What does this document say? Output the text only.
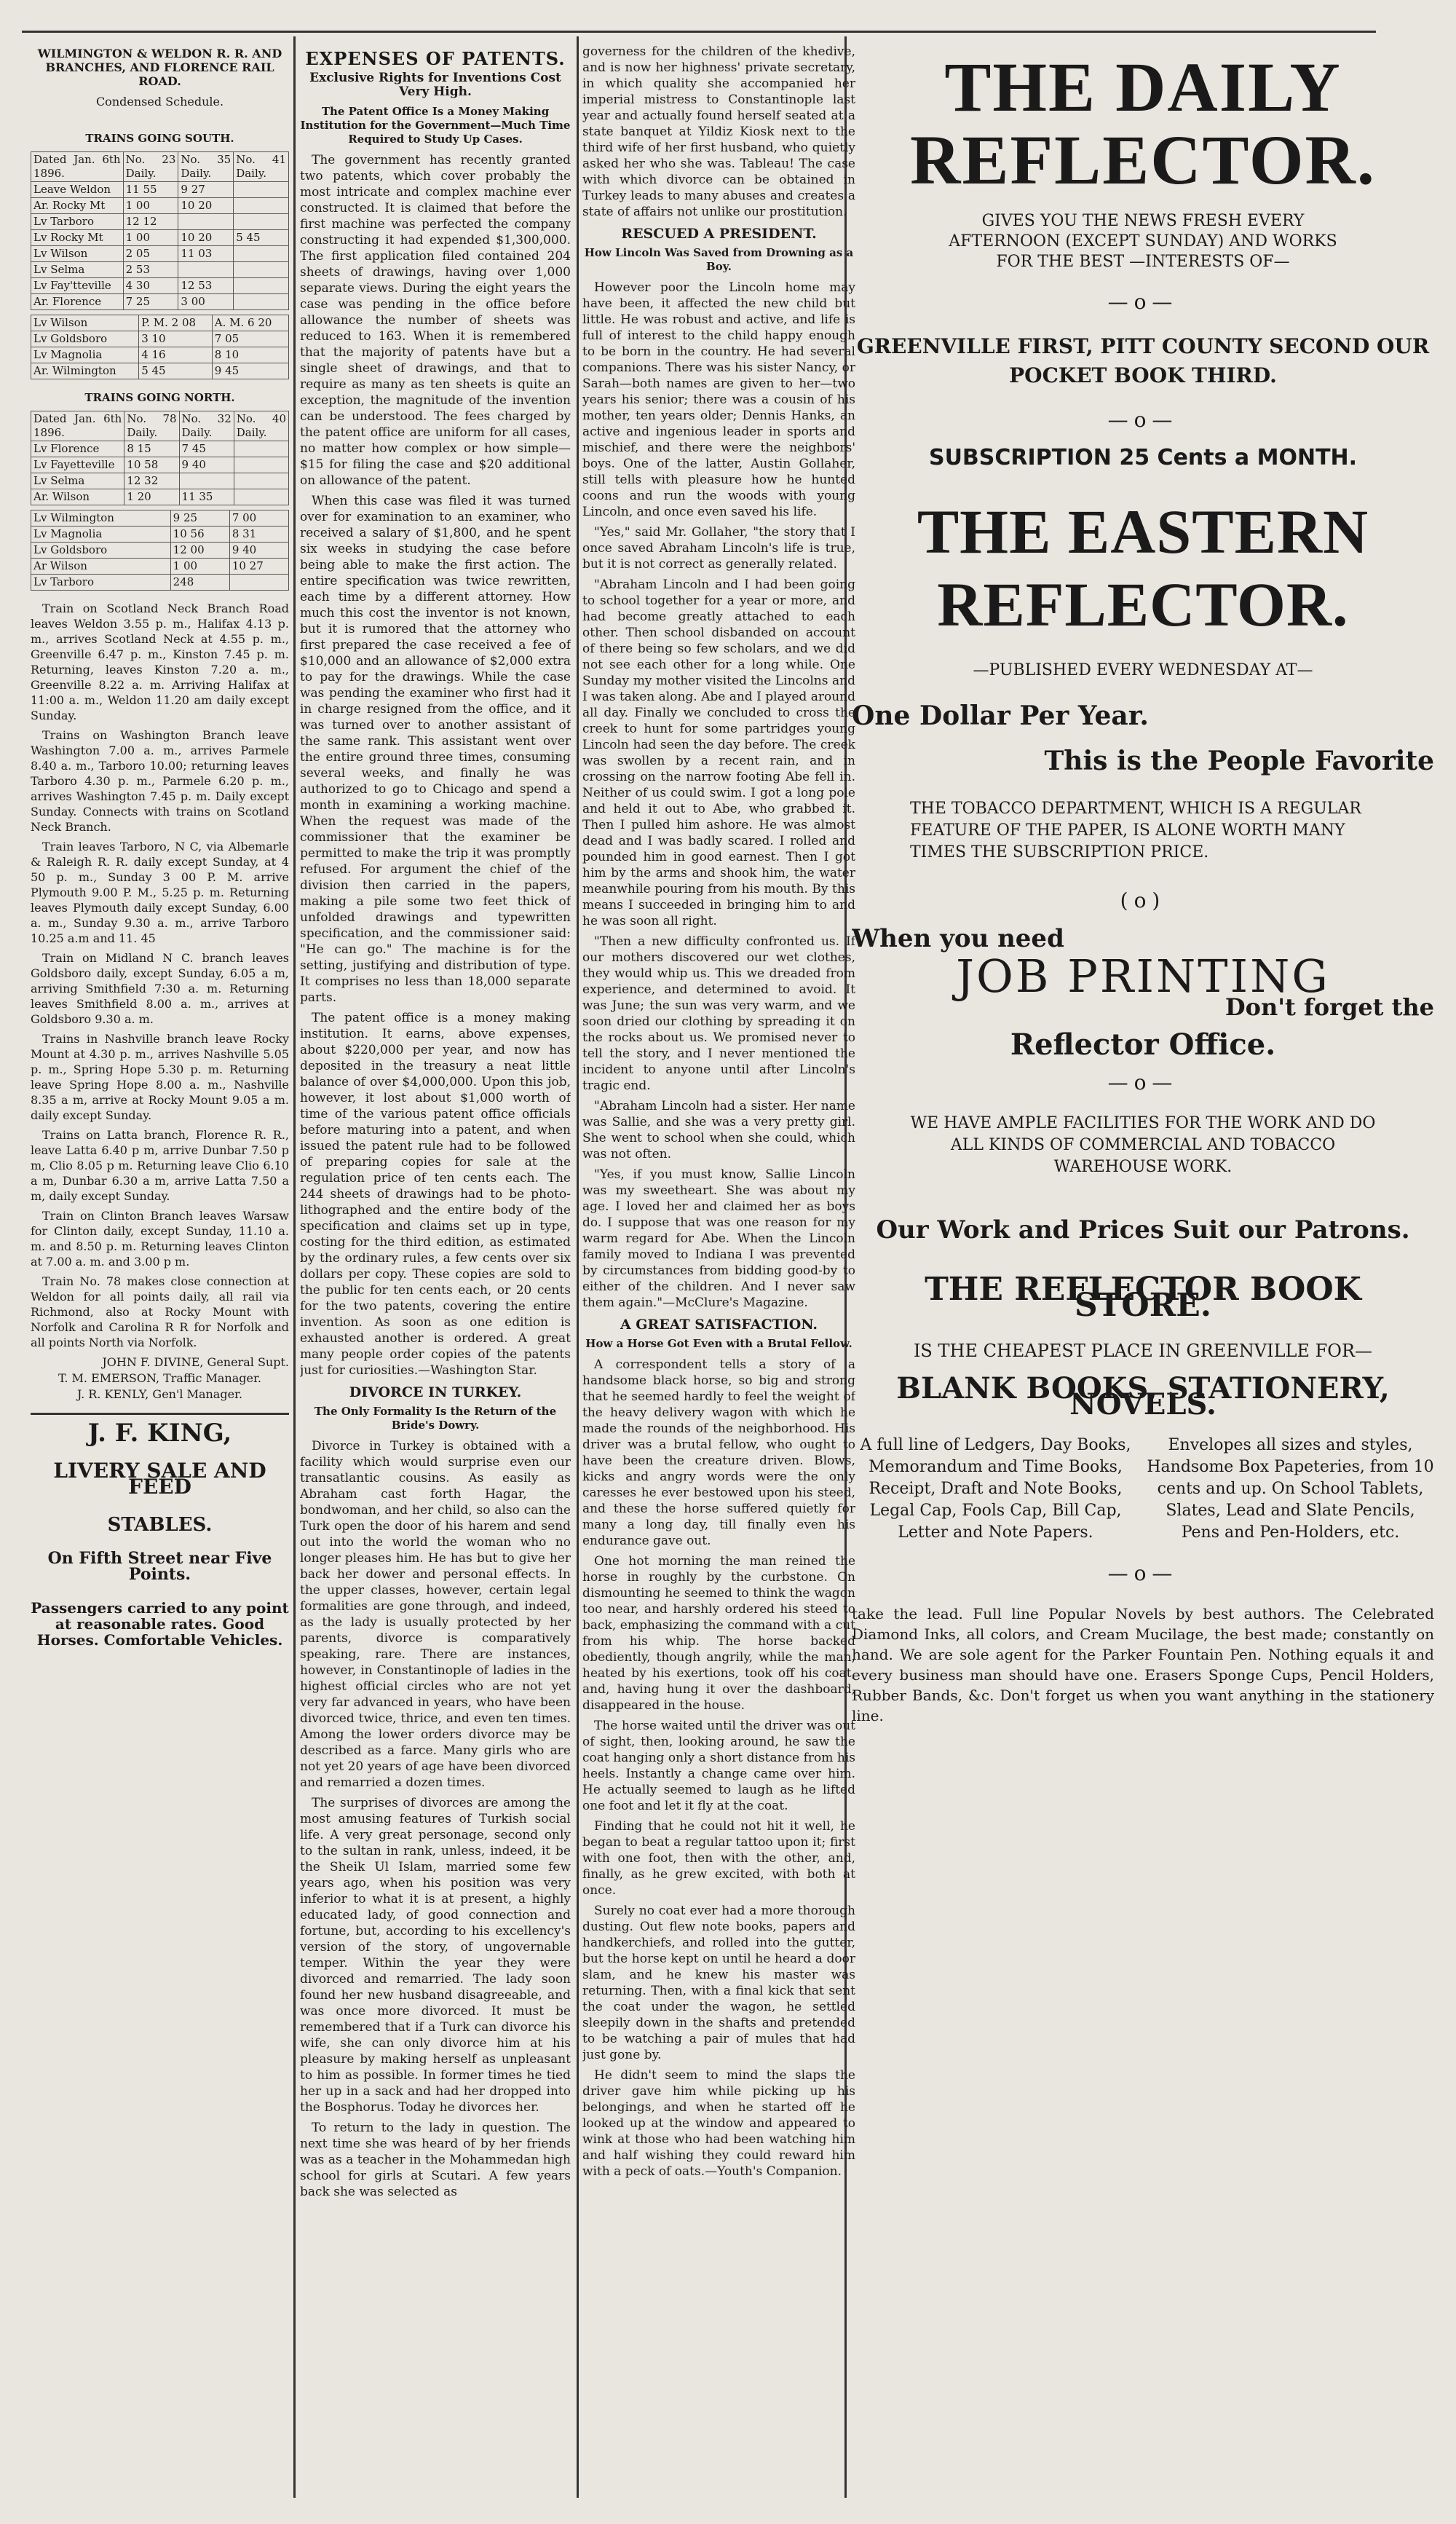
WILMINGTON & WELDON R. R. AND BRANCHES, AND FLORENCE RAIL ROAD.
Condensed Schedule.
TRAINS GOING SOUTH.
Dated Jan. 6th 1896.	No. 23 Daily.	No. 35 Daily.	No. 41 Daily.
Leave Weldon	11 55	9 27	
Ar. Rocky Mt	1 00	10 20	
Lv Tarboro	12 12		
Lv Rocky Mt	1 00	10 20	5 45
Lv Wilson	2 05	11 03	
Lv Selma	2 53		
Lv Fay'tteville	4 30	12 53	
Ar. Florence	7 25	3 00	
Lv Wilson	P. M. 2 08	A. M. 6 20
Lv Goldsboro	3 10	7 05
Lv Magnolia	4 16	8 10
Ar. Wilmington	5 45	9 45
TRAINS GOING NORTH.
Dated Jan. 6th 1896.	No. 78 Daily.	No. 32 Daily.	No. 40 Daily.
Lv Florence	8 15	7 45	
Lv Fayetteville	10 58	9 40	
Lv Selma	12 32		
Ar. Wilson	1 20	11 35	
Lv Wilmington	9 25	7 00
Lv Magnolia	10 56	8 31
Lv Goldsboro	12 00	9 40
Ar Wilson	1 00	10 27
Lv Tarboro	248	

Train on Scotland Neck Branch Road leaves Weldon 3.55 p. m., Halifax 4.13 p. m., arrives Scotland Neck at 4.55 p. m., Greenville 6.47 p. m., Kinston 7.45 p. m. Returning, leaves Kinston 7.20 a. m., Greenville 8.22 a. m. Arriving Halifax at 11:00 a. m., Weldon 11.20 am daily except Sunday.

Trains on Washington Branch leave Washington 7.00 a. m., arrives Parmele 8.40 a. m., Tarboro 10.00; returning leaves Tarboro 4.30 p. m., Parmele 6.20 p. m., arrives Washington 7.45 p. m. Daily except Sunday. Connects with trains on Scotland Neck Branch.

Train leaves Tarboro, N C, via Albemarle & Raleigh R. R. daily except Sunday, at 4 50 p. m., Sunday 3 00 P. M. arrive Plymouth 9.00 P. M., 5.25 p. m. Returning leaves Plymouth daily except Sunday, 6.00 a. m., Sunday 9.30 a. m., arrive Tarboro 10.25 a.m and 11. 45

Train on Midland N C. branch leaves Goldsboro daily, except Sunday, 6.05 a m, arriving Smithfield 7:30 a. m. Returning leaves Smithfield 8.00 a. m., arrives at Goldsboro 9.30 a. m.

Trains in Nashville branch leave Rocky Mount at 4.30 p. m., arrives Nashville 5.05 p. m., Spring Hope 5.30 p. m. Returning leave Spring Hope 8.00 a. m., Nashville 8.35 a m, arrive at Rocky Mount 9.05 a m. daily except Sunday.

Trains on Latta branch, Florence R. R., leave Latta 6.40 p m, arrive Dunbar 7.50 p m, Clio 8.05 p m. Returning leave Clio 6.10 a m, Dunbar 6.30 a m, arrive Latta 7.50 a m, daily except Sunday.

Train on Clinton Branch leaves Warsaw for Clinton daily, except Sunday, 11.10 a. m. and 8.50 p. m. Returning leaves Clinton at 7.00 a. m. and 3.00 p m.

Train No. 78 makes close connection at Weldon for all points daily, all rail via Richmond, also at Rocky Mount with Norfolk and Carolina R R for Norfolk and all points North via Norfolk.

JOHN F. DIVINE, General Supt.
T. M. EMERSON, Traffic Manager.
J. R. KENLY, Gen'l Manager.
J. F. KING,
LIVERY SALE AND FEED
STABLES.
On Fifth Street near Five Points.
Passengers carried to any point at reasonable rates. Good Horses. Comfortable Vehicles.
EXPENSES OF PATENTS.
Exclusive Rights for Inventions Cost Very High.
The Patent Office Is a Money Making Institution for the Government—Much Time Required to Study Up Cases.

The government has recently granted two patents, which cover probably the most intricate and complex machine ever constructed. It is claimed that before the first machine was perfected the company constructing it had expended $1,300,000. The first application filed contained 204 sheets of drawings, having over 1,000 separate views. During the eight years the case was pending in the office before allowance the number of sheets was reduced to 163. When it is remembered that the majority of patents have but a single sheet of drawings, and that to require as many as ten sheets is quite an exception, the magnitude of the invention can be understood. The fees charged by the patent office are uniform for all cases, no matter how complex or how simple—$15 for filing the case and $20 additional on allowance of the patent.

When this case was filed it was turned over for examination to an examiner, who received a salary of $1,800, and he spent six weeks in studying the case before being able to make the first action. The entire specification was twice rewritten, each time by a different attorney. How much this cost the inventor is not known, but it is rumored that the attorney who first prepared the case received a fee of $10,000 and an allowance of $2,000 extra to pay for the drawings. While the case was pending the examiner who first had it in charge resigned from the office, and it was turned over to another assistant of the same rank. This assistant went over the entire ground three times, consuming several weeks, and finally he was authorized to go to Chicago and spend a month in examining a working machine. When the request was made of the commissioner that the examiner be permitted to make the trip it was promptly refused. For argument the chief of the division then carried in the papers, making a pile some two feet thick of unfolded drawings and typewritten specification, and the commissioner said: "He can go." The machine is for the setting, justifying and distribution of type. It comprises no less than 18,000 separate parts.

The patent office is a money making institution. It earns, above expenses, about $220,000 per year, and now has deposited in the treasury a neat little balance of over $4,000,000. Upon this job, however, it lost about $1,000 worth of time of the various patent office officials before maturing into a patent, and when issued the patent rule had to be followed of preparing copies for sale at the regulation price of ten cents each. The 244 sheets of drawings had to be photo-lithographed and the entire body of the specification and claims set up in type, costing for the third edition, as estimated by the ordinary rules, a few cents over six dollars per copy. These copies are sold to the public for ten cents each, or 20 cents for the two patents, covering the entire invention. As soon as one edition is exhausted another is ordered. A great many people order copies of the patents just for curiosities.—Washington Star.

DIVORCE IN TURKEY.
The Only Formality Is the Return of the Bride's Dowry.

Divorce in Turkey is obtained with a facility which would surprise even our transatlantic cousins. As easily as Abraham cast forth Hagar, the bondwoman, and her child, so also can the Turk open the door of his harem and send out into the world the woman who no longer pleases him. He has but to give her back her dower and personal effects. In the upper classes, however, certain legal formalities are gone through, and indeed, as the lady is usually protected by her parents, divorce is comparatively speaking, rare. There are instances, however, in Constantinople of ladies in the highest official circles who are not yet very far advanced in years, who have been divorced twice, thrice, and even ten times. Among the lower orders divorce may be described as a farce. Many girls who are not yet 20 years of age have been divorced and remarried a dozen times.

The surprises of divorces are among the most amusing features of Turkish social life. A very great personage, second only to the sultan in rank, unless, indeed, it be the Sheik Ul Islam, married some few years ago, when his position was very inferior to what it is at present, a highly educated lady, of good connection and fortune, but, according to his excellency's version of the story, of ungovernable temper. Within the year they were divorced and remarried. The lady soon found her new husband disagreeable, and was once more divorced. It must be remembered that if a Turk can divorce his wife, she can only divorce him at his pleasure by making herself as unpleasant to him as possible. In former times he tied her up in a sack and had her dropped into the Bosphorus. Today he divorces her.

To return to the lady in question. The next time she was heard of by her friends was as a teacher in the Mohammedan high school for girls at Scutari. A few years back she was selected as

governess for the children of the khedive, and is now her highness' private secretary, in which quality she accompanied her imperial mistress to Constantinople last year and actually found herself seated at a state banquet at Yildiz Kiosk next to the third wife of her first husband, who quietly asked her who she was. Tableau! The case with which divorce can be obtained in Turkey leads to many abuses and creates a state of affairs not unlike our prostitution.

RESCUED A PRESIDENT.
How Lincoln Was Saved from Drowning as a Boy.

However poor the Lincoln home may have been, it affected the new child but little. He was robust and active, and life is full of interest to the child happy enough to be born in the country. He had several companions. There was his sister Nancy, or Sarah—both names are given to her—two years his senior; there was a cousin of his mother, ten years older; Dennis Hanks, an active and ingenious leader in sports and mischief, and there were the neighbors' boys. One of the latter, Austin Gollaher, still tells with pleasure how he hunted coons and run the woods with young Lincoln, and once even saved his life.

"Yes," said Mr. Gollaher, "the story that I once saved Abraham Lincoln's life is true, but it is not correct as generally related.

"Abraham Lincoln and I had been going to school together for a year or more, and had become greatly attached to each other. Then school disbanded on account of there being so few scholars, and we did not see each other for a long while. One Sunday my mother visited the Lincolns and I was taken along. Abe and I played around all day. Finally we concluded to cross the creek to hunt for some partridges young Lincoln had seen the day before. The creek was swollen by a recent rain, and in crossing on the narrow footing Abe fell in. Neither of us could swim. I got a long pole and held it out to Abe, who grabbed it. Then I pulled him ashore. He was almost dead and I was badly scared. I rolled and pounded him in good earnest. Then I got him by the arms and shook him, the water meanwhile pouring from his mouth. By this means I succeeded in bringing him to and he was soon all right.

"Then a new difficulty confronted us. If our mothers discovered our wet clothes, they would whip us. This we dreaded from experience, and determined to avoid. It was June; the sun was very warm, and we soon dried our clothing by spreading it on the rocks about us. We promised never to tell the story, and I never mentioned the incident to anyone until after Lincoln's tragic end.

"Abraham Lincoln had a sister. Her name was Sallie, and she was a very pretty girl. She went to school when she could, which was not often.

"Yes, if you must know, Sallie Lincoln was my sweetheart. She was about my age. I loved her and claimed her as boys do. I suppose that was one reason for my warm regard for Abe. When the Lincoln family moved to Indiana I was prevented by circumstances from bidding good-by to either of the children. And I never saw them again."—McClure's Magazine.

A GREAT SATISFACTION.
How a Horse Got Even with a Brutal Fellow.

A correspondent tells a story of a handsome black horse, so big and strong that he seemed hardly to feel the weight of the heavy delivery wagon with which he made the rounds of the neighborhood. His driver was a brutal fellow, who ought to have been the creature driven. Blows, kicks and angry words were the only caresses he ever bestowed upon his steed, and these the horse suffered quietly for many a long day, till finally even his endurance gave out.

One hot morning the man reined the horse in roughly by the curbstone. On dismounting he seemed to think the wagon too near, and harshly ordered his steed to back, emphasizing the command with a cut from his whip. The horse backed obediently, though angrily, while the man, heated by his exertions, took off his coat, and, having hung it over the dashboard, disappeared in the house.

The horse waited until the driver was out of sight, then, looking around, he saw the coat hanging only a short distance from his heels. Instantly a change came over him. He actually seemed to laugh as he lifted one foot and let it fly at the coat.

Finding that he could not hit it well, he began to beat a regular tattoo upon it; first with one foot, then with the other, and, finally, as he grew excited, with both at once.

Surely no coat ever had a more thorough dusting. Out flew note books, papers and handkerchiefs, and rolled into the gutter, but the horse kept on until he heard a door slam, and he knew his master was returning. Then, with a final kick that sent the coat under the wagon, he settled sleepily down in the shafts and pretended to be watching a pair of mules that had just gone by.

He didn't seem to mind the slaps the driver gave him while picking up his belongings, and when he started off he looked up at the window and appeared to wink at those who had been watching him and half wishing they could reward him with a peck of oats.—Youth's Companion.

THE DAILY REFLECTOR.
GIVES YOU THE NEWS FRESH EVERY AFTERNOON (EXCEPT SUNDAY) AND WORKS FOR THE BEST —INTERESTS OF—
—o—
GREENVILLE FIRST, PITT COUNTY SECOND OUR POCKET BOOK THIRD.
—o—
SUBSCRIPTION 25 Cents a MONTH.
THE EASTERN REFLECTOR.
—PUBLISHED EVERY WEDNESDAY AT—
One Dollar Per Year.
This is the People Favorite
THE TOBACCO DEPARTMENT, WHICH IS A REGULAR FEATURE OF THE PAPER, IS ALONE WORTH MANY TIMES THE SUBSCRIPTION PRICE.
(o)
When you need
JOB PRINTING
Don't forget the
Reflector Office.
—o—
WE HAVE AMPLE FACILITIES FOR THE WORK AND DO ALL KINDS OF COMMERCIAL AND TOBACCO WAREHOUSE WORK.
Our Work and Prices Suit our Patrons.
THE REFLECTOR BOOK STORE.
IS THE CHEAPEST PLACE IN GREENVILLE FOR—
BLANK BOOKS, STATIONERY, NOVELS.
A full line of Ledgers, Day Books, Memorandum and Time Books, Receipt, Draft and Note Books, Legal Cap, Fools Cap, Bill Cap, Letter and Note Papers.
Envelopes all sizes and styles, Handsome Box Papeteries, from 10 cents and up. On School Tablets, Slates, Lead and Slate Pencils, Pens and Pen-Holders, etc.
—o—
take the lead. Full line Popular Novels by best authors. The Celebrated Diamond Inks, all colors, and Cream Mucilage, the best made; constantly on hand. We are sole agent for the Parker Fountain Pen. Nothing equals it and every business man should have one. Erasers Sponge Cups, Pencil Holders, Rubber Bands, &c. Don't forget us when you want anything in the stationery line.
